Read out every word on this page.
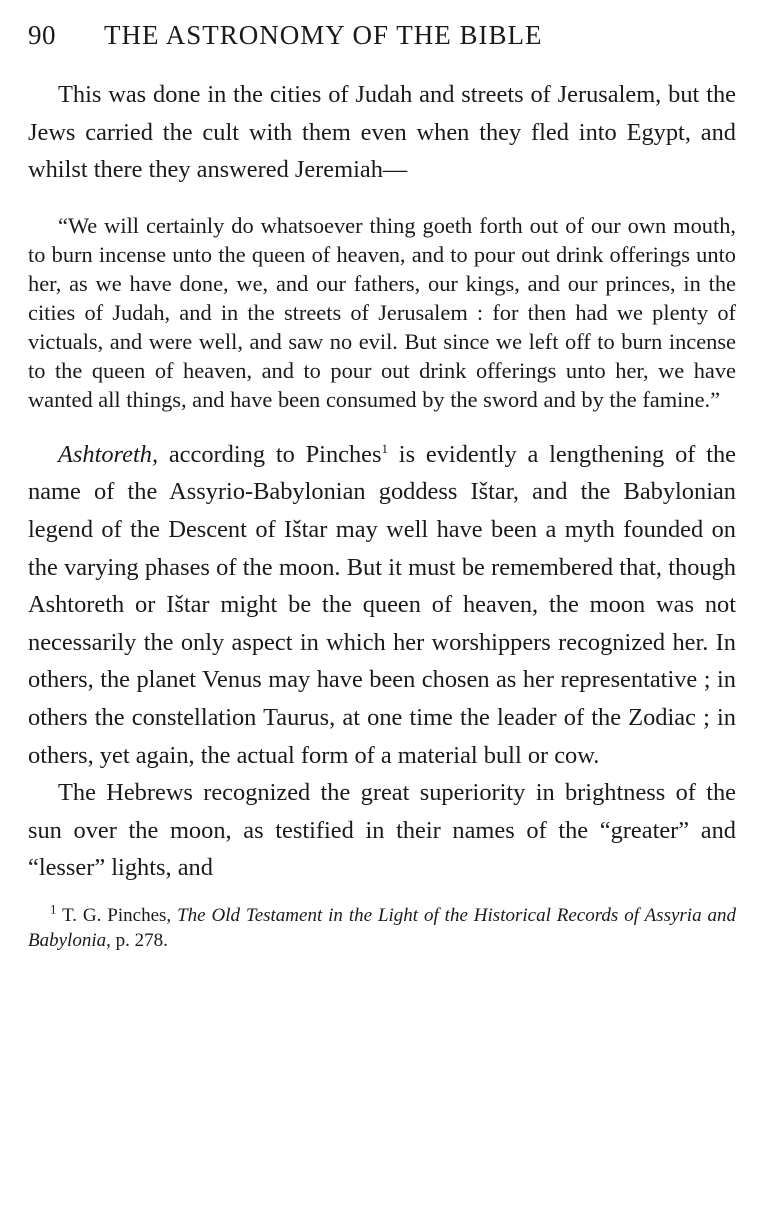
90	THE ASTRONOMY OF THE BIBLE

This was done in the cities of Judah and streets of Jerusalem, but the Jews carried the cult with them even when they fled into Egypt, and whilst there they answered Jeremiah—

“We will certainly do whatsoever thing goeth forth out of our own mouth, to burn incense unto the queen of heaven, and to pour out drink offerings unto her, as we have done, we, and our fathers, our kings, and our princes, in the cities of Judah, and in the streets of Jerusalem : for then had we plenty of victuals, and were well, and saw no evil. But since we left off to burn incense to the queen of heaven, and to pour out drink offerings unto her, we have wanted all things, and have been consumed by the sword and by the famine.”

Ashtoreth, according to Pinches$^1$ is evidently a lengthening of the name of the Assyrio-Babylonian goddess Ištar, and the Babylonian legend of the Descent of Ištar may well have been a myth founded on the varying phases of the moon. But it must be remembered that, though Ashtoreth or Ištar might be the queen of heaven, the moon was not necessarily the only aspect in which her worshippers recognized her. In others, the planet Venus may have been chosen as her representative ; in others the constellation Taurus, at one time the leader of the Zodiac ; in others, yet again, the actual form of a material bull or cow.

The Hebrews recognized the great superiority in brightness of the sun over the moon, as testified in their names of the “greater” and “lesser” lights, and

$^1$ T. G. Pinches, The Old Testament in the Light of the Historical Records of Assyria and Babylonia, p. 278.
